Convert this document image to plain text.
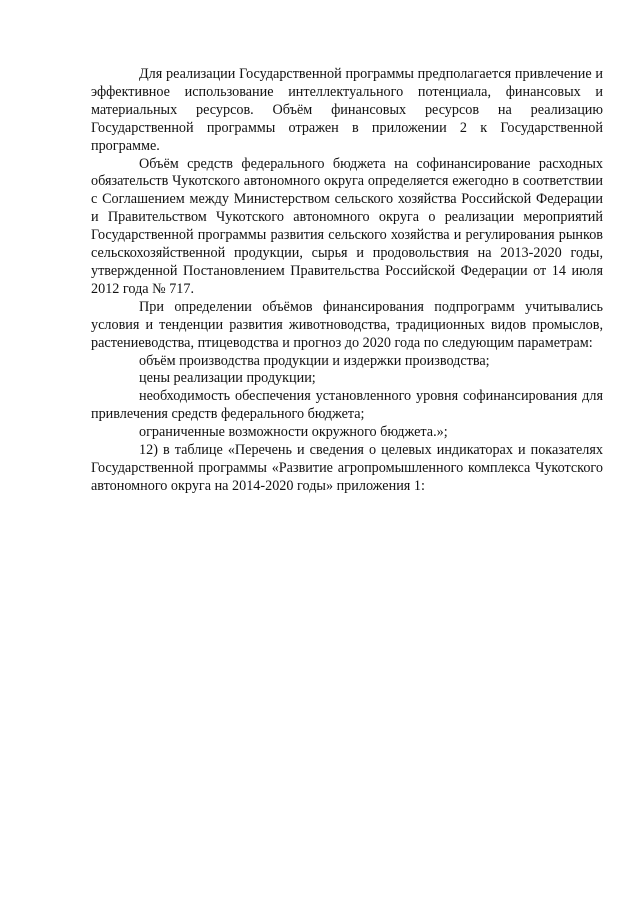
Для реализации Государственной программы предполагается привлечение и эффективное использование интеллектуального потенциала, финансовых и материальных ресурсов. Объём финансовых ресурсов на реализацию Государственной программы отражен в приложении 2 к Государственной программе.

Объём средств федерального бюджета на софинансирование расходных обязательств Чукотского автономного округа определяется ежегодно в соответствии с Соглашением между Министерством сельского хозяйства Российской Федерации и Правительством Чукотского автономного округа о реализации мероприятий Государственной программы развития сельского хозяйства и регулирования рынков сельскохозяйственной продукции, сырья и продовольствия на 2013-2020 годы, утвержденной Постановлением Правительства Российской Федерации от 14 июля 2012 года № 717.

При определении объёмов финансирования подпрограмм учитывались условия и тенденции развития животноводства, традиционных видов промыслов, растениеводства, птицеводства и прогноз до 2020 года по следующим параметрам:

объём производства продукции и издержки производства;

цены реализации продукции;

необходимость обеспечения установленного уровня софинансирования для привлечения средств федерального бюджета;

ограниченные возможности окружного бюджета.»;

12) в таблице «Перечень и сведения о целевых индикаторах и показателях Государственной программы «Развитие агропромышленного комплекса Чукотского автономного округа на 2014-2020 годы» приложения 1:
